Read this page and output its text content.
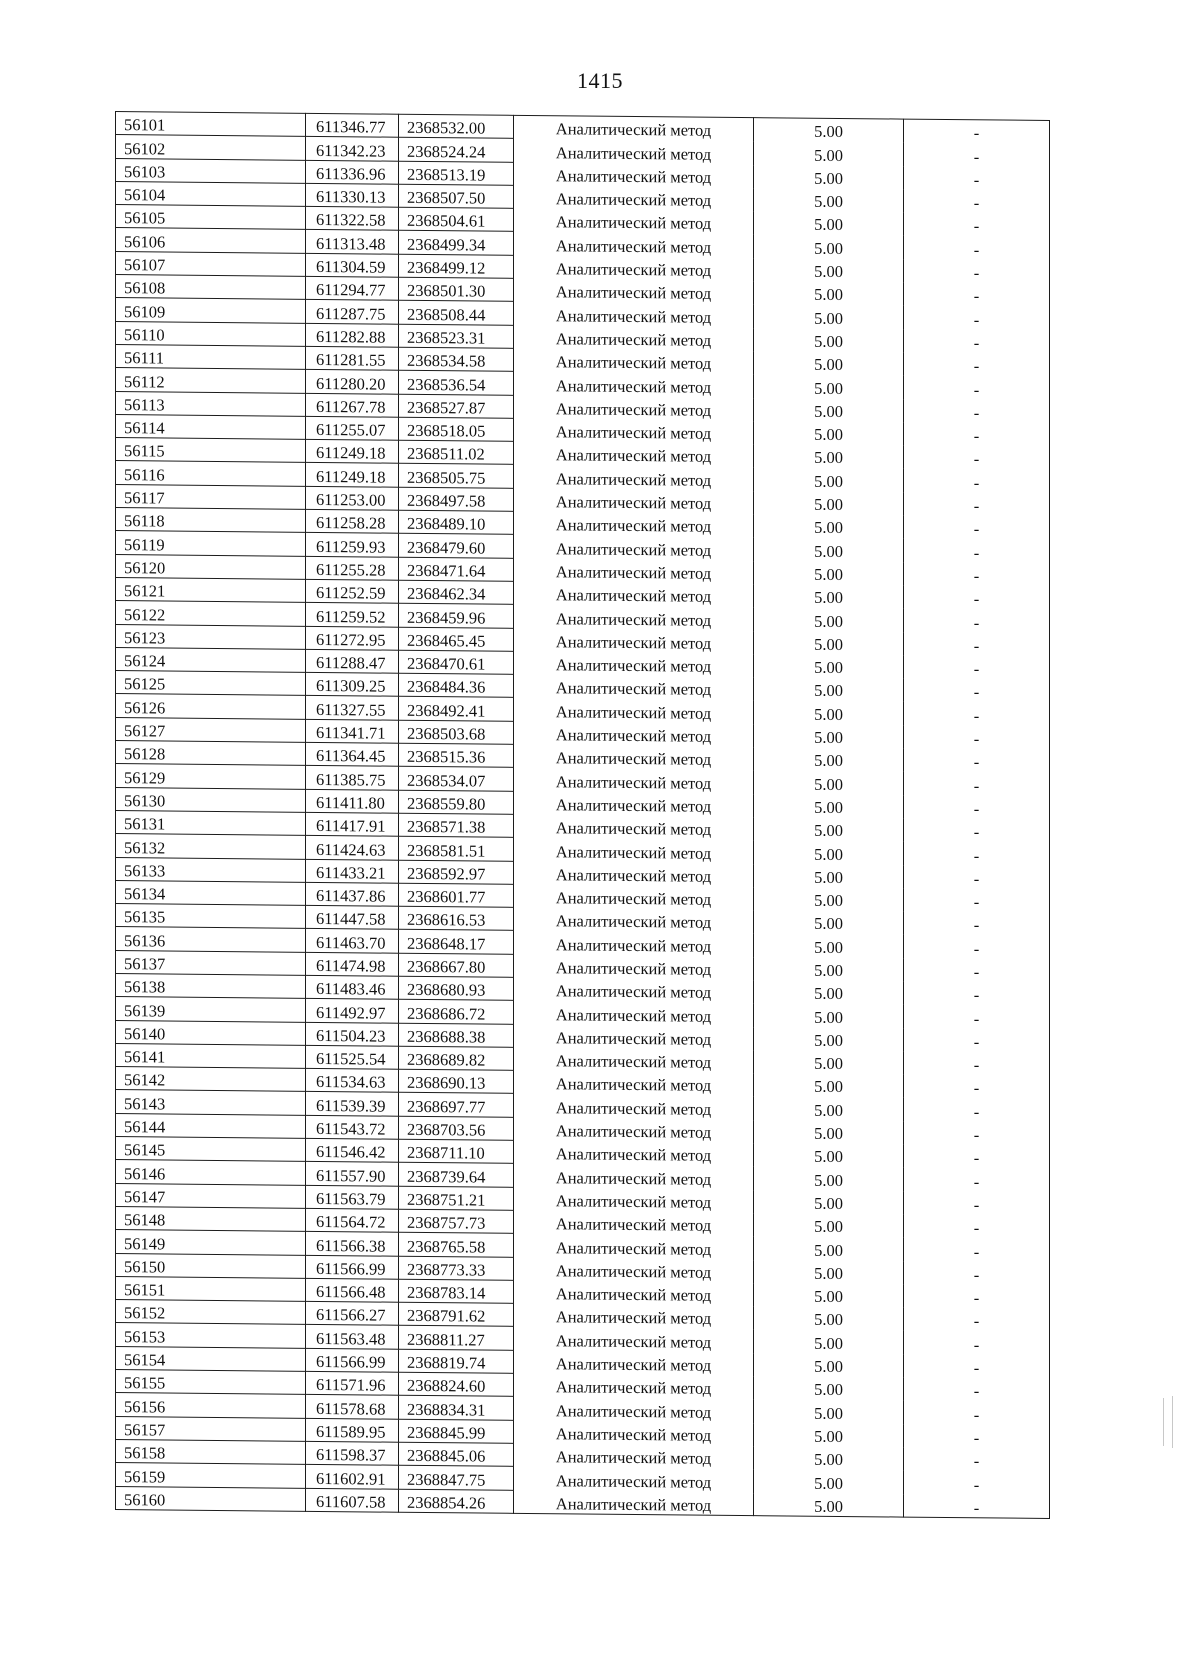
1415
56101	611346.77	2368532.00	Аналитический метод	5.00	-
56102	611342.23	2368524.24	Аналитический метод	5.00	-
56103	611336.96	2368513.19	Аналитический метод	5.00	-
56104	611330.13	2368507.50	Аналитический метод	5.00	-
56105	611322.58	2368504.61	Аналитический метод	5.00	-
56106	611313.48	2368499.34	Аналитический метод	5.00	-
56107	611304.59	2368499.12	Аналитический метод	5.00	-
56108	611294.77	2368501.30	Аналитический метод	5.00	-
56109	611287.75	2368508.44	Аналитический метод	5.00	-
56110	611282.88	2368523.31	Аналитический метод	5.00	-
56111	611281.55	2368534.58	Аналитический метод	5.00	-
56112	611280.20	2368536.54	Аналитический метод	5.00	-
56113	611267.78	2368527.87	Аналитический метод	5.00	-
56114	611255.07	2368518.05	Аналитический метод	5.00	-
56115	611249.18	2368511.02	Аналитический метод	5.00	-
56116	611249.18	2368505.75	Аналитический метод	5.00	-
56117	611253.00	2368497.58	Аналитический метод	5.00	-
56118	611258.28	2368489.10	Аналитический метод	5.00	-
56119	611259.93	2368479.60	Аналитический метод	5.00	-
56120	611255.28	2368471.64	Аналитический метод	5.00	-
56121	611252.59	2368462.34	Аналитический метод	5.00	-
56122	611259.52	2368459.96	Аналитический метод	5.00	-
56123	611272.95	2368465.45	Аналитический метод	5.00	-
56124	611288.47	2368470.61	Аналитический метод	5.00	-
56125	611309.25	2368484.36	Аналитический метод	5.00	-
56126	611327.55	2368492.41	Аналитический метод	5.00	-
56127	611341.71	2368503.68	Аналитический метод	5.00	-
56128	611364.45	2368515.36	Аналитический метод	5.00	-
56129	611385.75	2368534.07	Аналитический метод	5.00	-
56130	611411.80	2368559.80	Аналитический метод	5.00	-
56131	611417.91	2368571.38	Аналитический метод	5.00	-
56132	611424.63	2368581.51	Аналитический метод	5.00	-
56133	611433.21	2368592.97	Аналитический метод	5.00	-
56134	611437.86	2368601.77	Аналитический метод	5.00	-
56135	611447.58	2368616.53	Аналитический метод	5.00	-
56136	611463.70	2368648.17	Аналитический метод	5.00	-
56137	611474.98	2368667.80	Аналитический метод	5.00	-
56138	611483.46	2368680.93	Аналитический метод	5.00	-
56139	611492.97	2368686.72	Аналитический метод	5.00	-
56140	611504.23	2368688.38	Аналитический метод	5.00	-
56141	611525.54	2368689.82	Аналитический метод	5.00	-
56142	611534.63	2368690.13	Аналитический метод	5.00	-
56143	611539.39	2368697.77	Аналитический метод	5.00	-
56144	611543.72	2368703.56	Аналитический метод	5.00	-
56145	611546.42	2368711.10	Аналитический метод	5.00	-
56146	611557.90	2368739.64	Аналитический метод	5.00	-
56147	611563.79	2368751.21	Аналитический метод	5.00	-
56148	611564.72	2368757.73	Аналитический метод	5.00	-
56149	611566.38	2368765.58	Аналитический метод	5.00	-
56150	611566.99	2368773.33	Аналитический метод	5.00	-
56151	611566.48	2368783.14	Аналитический метод	5.00	-
56152	611566.27	2368791.62	Аналитический метод	5.00	-
56153	611563.48	2368811.27	Аналитический метод	5.00	-
56154	611566.99	2368819.74	Аналитический метод	5.00	-
56155	611571.96	2368824.60	Аналитический метод	5.00	-
56156	611578.68	2368834.31	Аналитический метод	5.00	-
56157	611589.95	2368845.99	Аналитический метод	5.00	-
56158	611598.37	2368845.06	Аналитический метод	5.00	-
56159	611602.91	2368847.75	Аналитический метод	5.00	-
56160	611607.58	2368854.26	Аналитический метод	5.00	-
